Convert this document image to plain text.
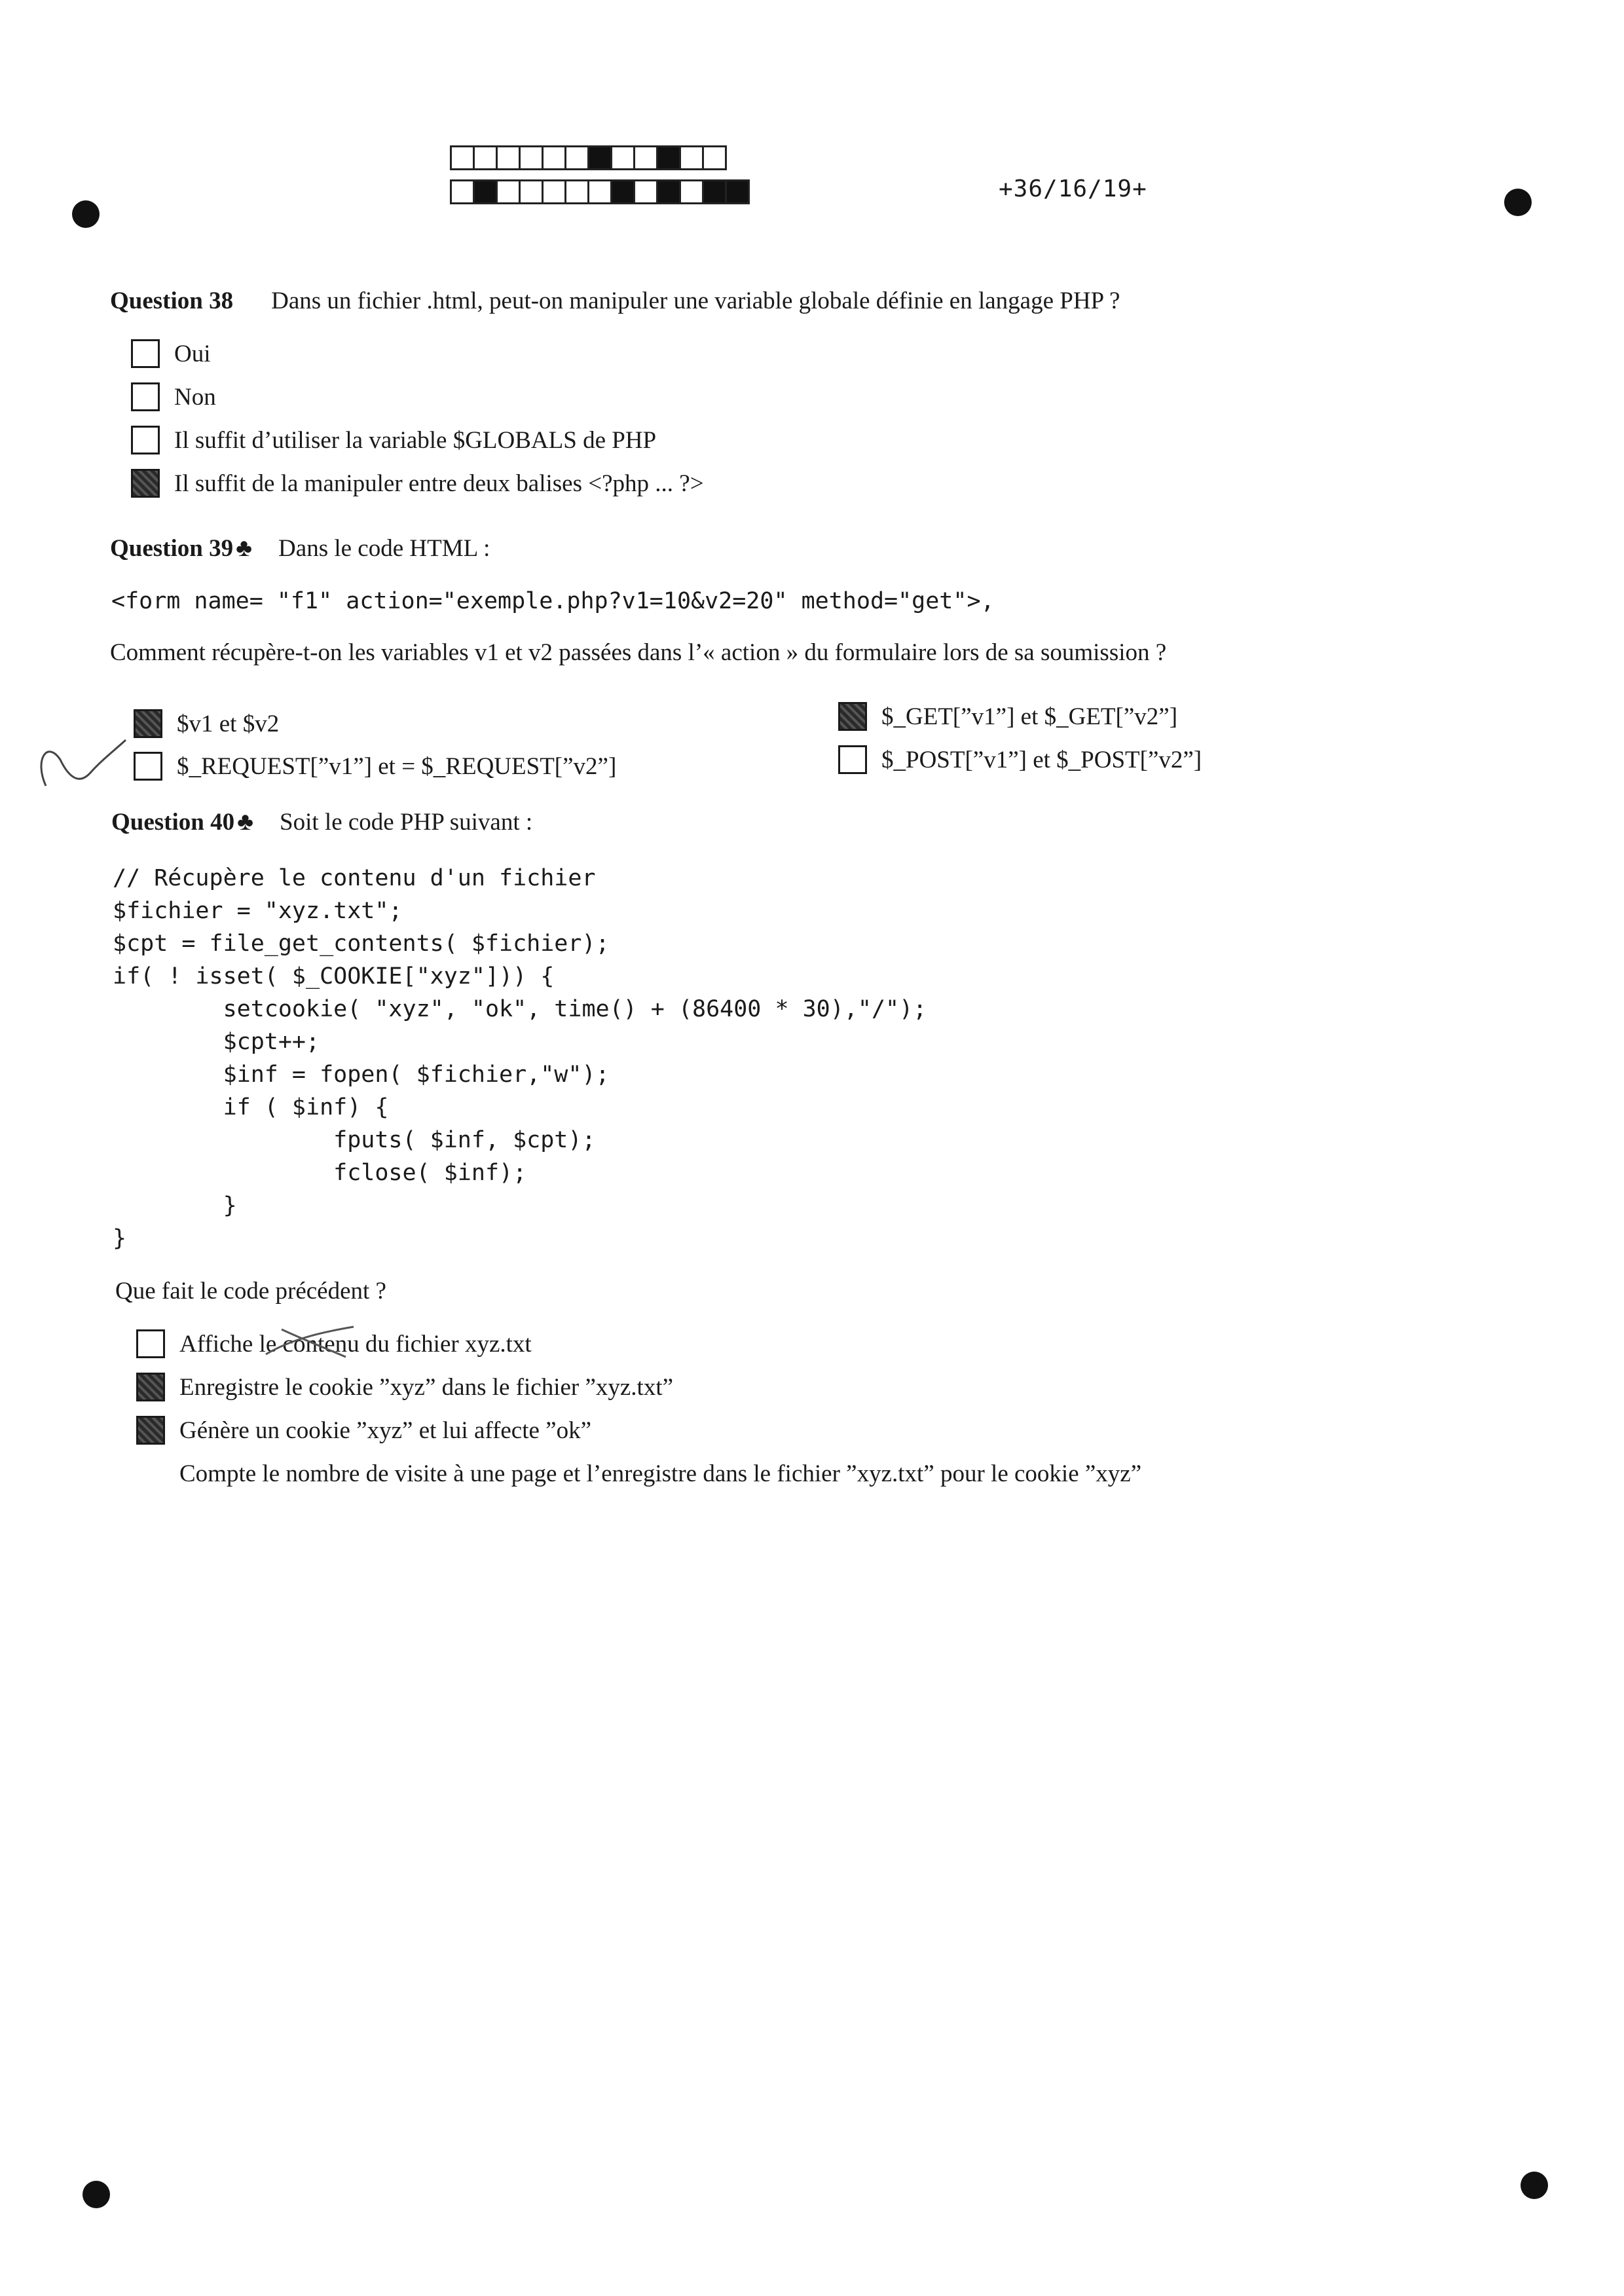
+36/16/19+
Question 38 Dans un fichier .html, peut-on manipuler une variable globale définie en langage PHP ?
Oui
Non
Il suffit d’utiliser la variable $GLOBALS de PHP
Il suffit de la manipuler entre deux balises <?php ... ?>
Question 39 ♣ Dans le code HTML :
<form name= "f1" action="exemple.php?v1=10&v2=20" method="get">,
Comment récupère-t-on les variables v1 et v2 passées dans l’« action » du formulaire lors de sa soumission ?
$v1 et $v2	$_GET[”v1”] et $_GET[”v2”]
$_REQUEST[”v1”] et = $_REQUEST[”v2”]	$_POST[”v1”] et $_POST[”v2”]
Question 40 ♣ Soit le code PHP suivant :
// Récupère le contenu d'un fichier
$fichier = "xyz.txt";
$cpt = file_get_contents( $fichier);
if( ! isset( $_COOKIE["xyz"])) {
setcookie( "xyz", "ok", time() + (86400 * 30),"/");
$cpt++;
$inf = fopen( $fichier,"w");
if ( $inf) {
fputs( $inf, $cpt);
fclose( $inf);
}
}
Que fait le code précédent ?
Affiche le contenu du fichier xyz.txt
Enregistre le cookie ”xyz” dans le fichier ”xyz.txt”
Génère un cookie ”xyz” et lui affecte ”ok”
Compte le nombre de visite à une page et l’enregistre dans le fichier ”xyz.txt” pour le cookie ”xyz”
